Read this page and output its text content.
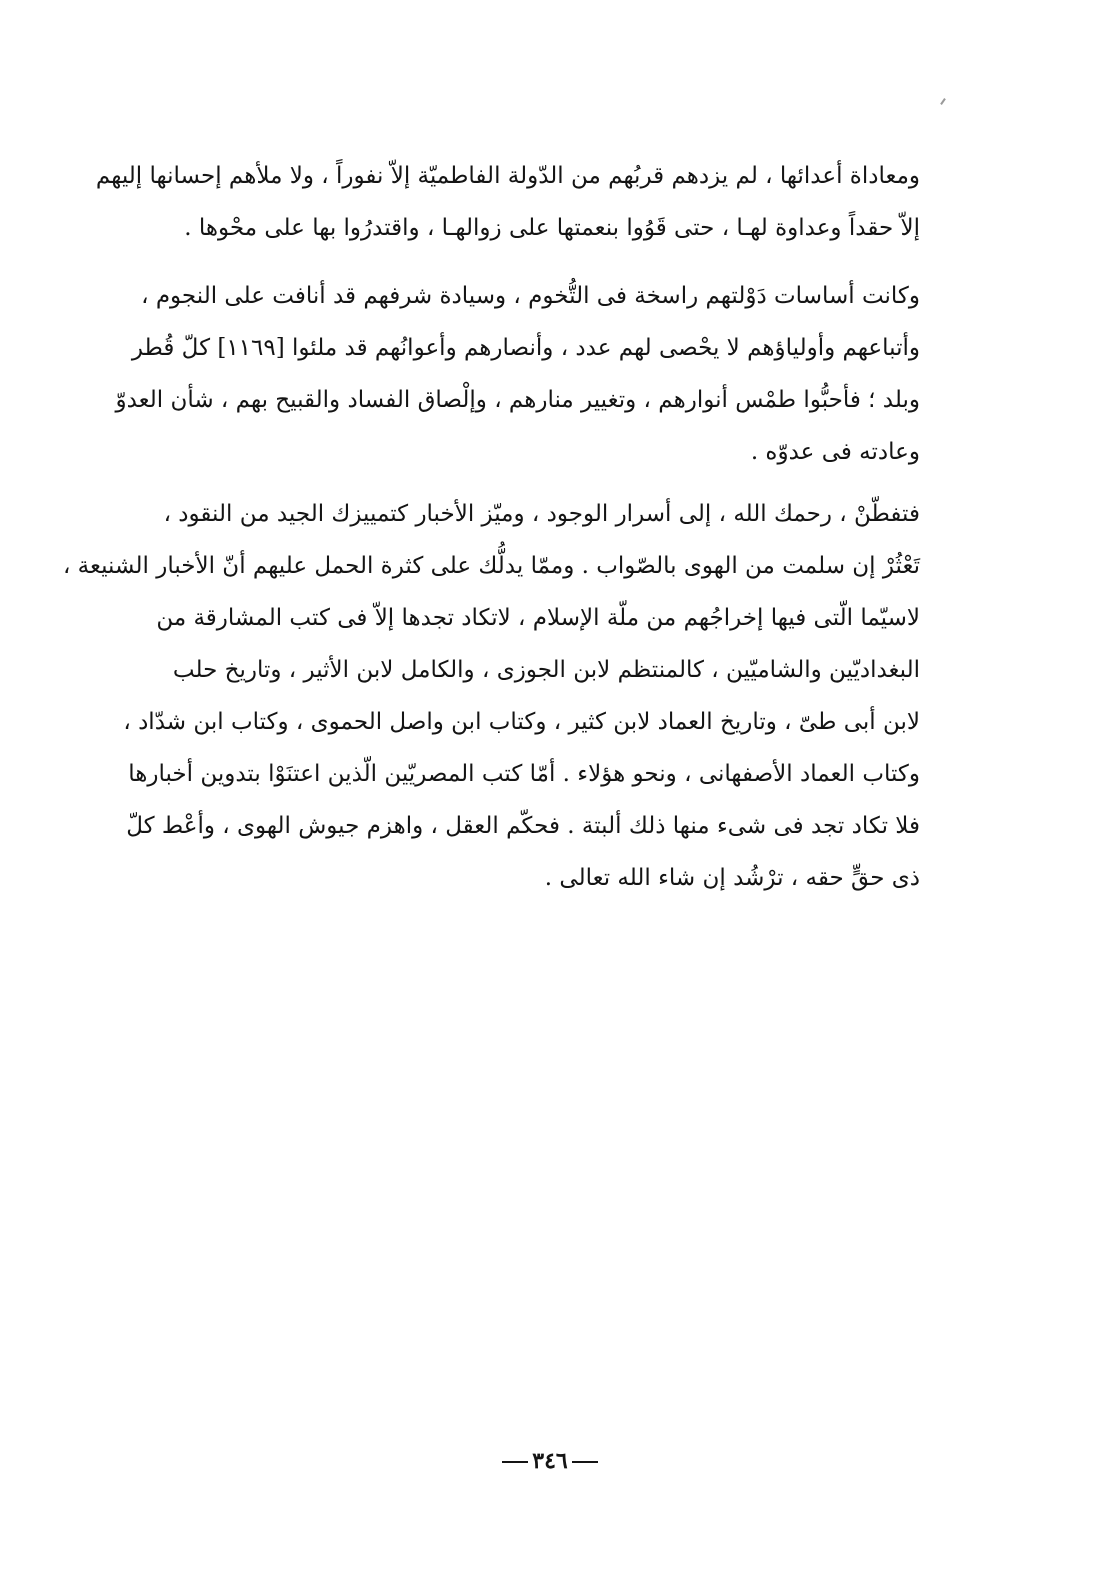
ومعاداة أعدائها ، لم يزدهم قربُهم من الدّولة الفاطميّة إلاّ نفوراً ، ولا ملأهم إحسانها إليهم
إلاّ حقداً وعداوة لهـا ، حتى قَوُوا بنعمتها على زوالهـا ، واقتدرُوا بها على محْوها .
وكانت أساسات دَوْلتهم راسخة فى التُّخوم ، وسيادة شرفهم قد أنافت على النجوم ،
وأتباعهم وأولياؤهم لا يحْصى لهم عدد ، وأنصارهم وأعوانُهم قد ملئوا [١١٦٩] كلّ قُطر
وبلد ؛ فأحبُّوا طمْس أنوارهم ، وتغيير منارهم ، وإلْصاق الفساد والقبيح بهم ، شأن العدوّ
وعادته فى عدوّه .
فتفطّنْ ، رحمك الله ، إلى أسرار الوجود ، وميّز الأخبار كتمييزك الجيد من النقود ،
تَعْثُرْ إن سلمت من الهوى بالصّواب . وممّا يدلُّك على كثرة الحمل عليهم أنّ الأخبار الشنيعة ،
لاسيّما الّتى فيها إخراجُهم من ملّة الإسلام ، لاتكاد تجدها إلاّ فى كتب المشارقة من
البغداديّين والشاميّين ، كالمنتظم لابن الجوزى ، والكامل لابن الأثير ، وتاريخ حلب
لابن أبى طىّ ، وتاريخ العماد لابن كثير ، وكتاب ابن واصل الحموى ، وكتاب ابن شدّاد ،
وكتاب العماد الأصفهانى ، ونحو هؤلاء . أمّا كتب المصريّين الّذين اعتنَوْا بتدوين أخبارها
فلا تكاد تجد فى شىء منها ذلك ألبتة . فحكّم العقل ، واهزم جيوش الهوى ، وأعْط كلّ
ذى حقٍّ حقه ، ترْشُد إن شاء الله تعالى .
٣٤٦
